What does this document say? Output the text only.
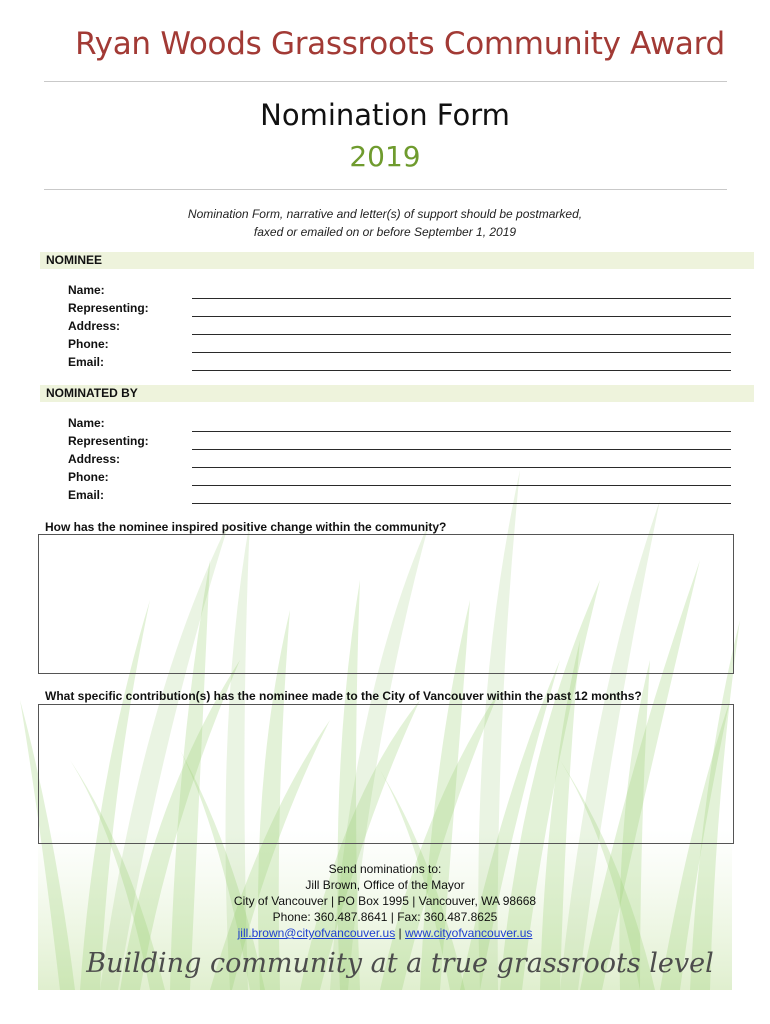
Ryan Woods Grassroots Community Award
Nomination Form
2019
Nomination Form, narrative and letter(s) of support should be postmarked,
faxed or emailed on or before September 1, 2019
NOMINEE
Name:
Representing:
Address:
Phone:
Email:
NOMINATED BY
Name:
Representing:
Address:
Phone:
Email:
How has the nominee inspired positive change within the community?
What specific contribution(s) has the nominee made to the City of Vancouver within the past 12 months?
Send nominations to:
Jill Brown, Office of the Mayor
City of Vancouver | PO Box 1995 | Vancouver, WA 98668
Phone: 360.487.8641 | Fax: 360.487.8625
jill.brown@cityofvancouver.us | www.cityofvancouver.us
Building community at a true grassroots level
